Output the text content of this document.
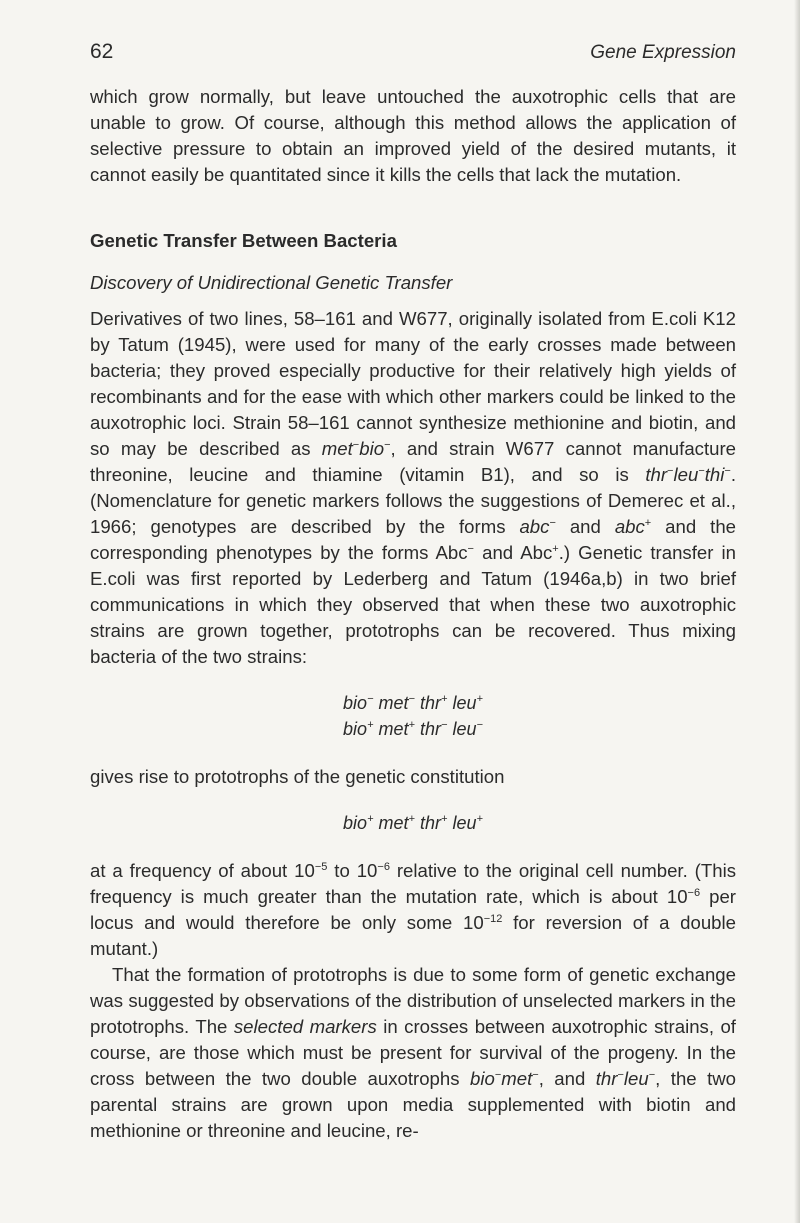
62	Gene Expression

which grow normally, but leave untouched the auxotrophic cells that are unable to grow. Of course, although this method allows the application of selective pressure to obtain an improved yield of the desired mutants, it cannot easily be quantitated since it kills the cells that lack the mutation.

Genetic Transfer Between Bacteria
Discovery of Unidirectional Genetic Transfer

Derivatives of two lines, 58–161 and W677, originally isolated from E.coli K12 by Tatum (1945), were used for many of the early crosses made between bacteria; they proved especially productive for their relatively high yields of recombinants and for the ease with which other markers could be linked to the auxotrophic loci. Strain 58–161 cannot synthesize methionine and biotin, and so may be described as met−bio−, and strain W677 cannot manufacture threonine, leucine and thiamine (vitamin B1), and so is thr−leu−thi−. (Nomenclature for genetic markers follows the suggestions of Demerec et al., 1966; genotypes are described by the forms abc− and abc+ and the corresponding phenotypes by the forms Abc− and Abc+.) Genetic transfer in E.coli was first reported by Lederberg and Tatum (1946a,b) in two brief communications in which they observed that when these two auxotrophic strains are grown together, prototrophs can be recovered. Thus mixing bacteria of the two strains:

bio− met− thr+ leu+
bio+ met+ thr− leu−

gives rise to prototrophs of the genetic constitution

bio+ met+ thr+ leu+

at a frequency of about $10^{-5}$ to $10^{-6}$ relative to the original cell number. (This frequency is much greater than the mutation rate, which is about $10^{-6}$ per locus and would therefore be only some $10^{-12}$ for reversion of a double mutant.)

That the formation of prototrophs is due to some form of genetic exchange was suggested by observations of the distribution of unselected markers in the prototrophs. The selected markers in crosses between auxotrophic strains, of course, are those which must be present for survival of the progeny. In the cross between the two double auxotrophs bio−met−, and thr−leu−, the two parental strains are grown upon media supplemented with biotin and methionine or threonine and leucine, re-
